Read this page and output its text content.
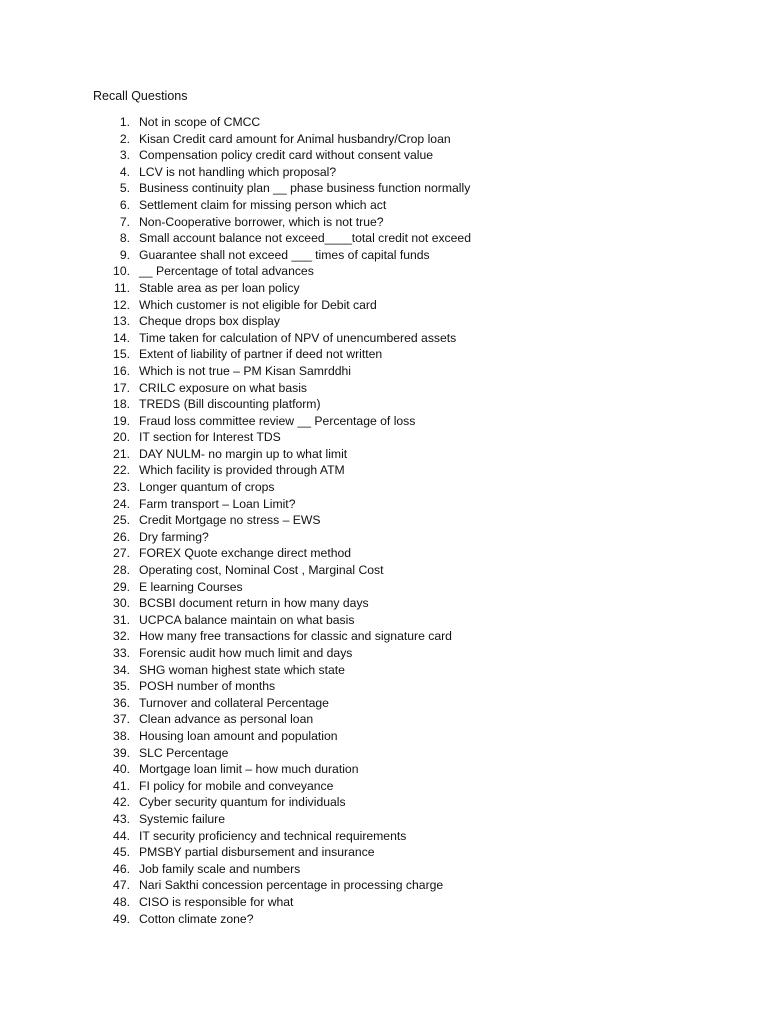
Recall Questions
1. Not in scope of CMCC
2. Kisan Credit card amount for Animal husbandry/Crop loan
3. Compensation policy credit card without consent value
4. LCV is not handling which proposal?
5. Business continuity plan __ phase business function normally
6. Settlement claim for missing person which act
7. Non-Cooperative borrower, which is not true?
8. Small account balance not exceed____total credit not exceed
9. Guarantee shall not exceed ___ times of capital funds
10. __ Percentage of total advances
11. Stable area as per loan policy
12. Which customer is not eligible for Debit card
13. Cheque drops box display
14. Time taken for calculation of NPV of unencumbered assets
15. Extent of liability of partner if deed not written
16. Which is not true – PM Kisan Samrddhi
17. CRILC exposure on what basis
18. TREDS (Bill discounting platform)
19. Fraud loss committee review __ Percentage of loss
20. IT section for Interest TDS
21. DAY NULM- no margin up to what limit
22. Which facility is provided through ATM
23. Longer quantum of crops
24. Farm transport – Loan Limit?
25. Credit Mortgage no stress – EWS
26. Dry farming?
27. FOREX Quote exchange direct method
28. Operating cost, Nominal Cost , Marginal Cost
29. E learning Courses
30. BCSBI document return in how many days
31. UCPCA balance maintain on what basis
32. How many free transactions for classic and signature card
33. Forensic audit how much limit and days
34. SHG woman highest state which state
35. POSH number of months
36. Turnover and collateral Percentage
37. Clean advance as personal loan
38. Housing loan amount and population
39. SLC Percentage
40. Mortgage loan limit – how much duration
41. FI policy for mobile and conveyance
42. Cyber security quantum for individuals
43. Systemic failure
44. IT security proficiency and technical requirements
45. PMSBY partial disbursement and insurance
46. Job family scale and numbers
47. Nari Sakthi concession percentage in processing charge
48. CISO is responsible for what
49. Cotton climate zone?
